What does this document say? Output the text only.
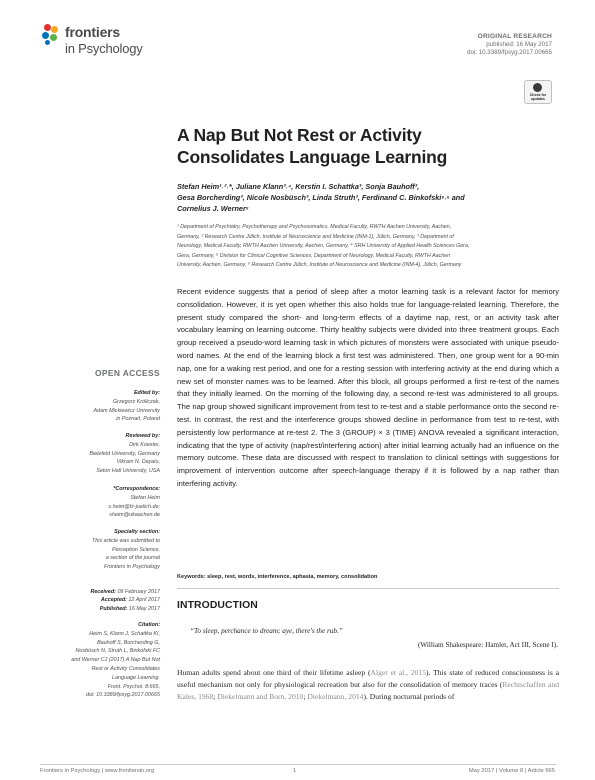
frontiers
in Psychology
ORIGINAL RESEARCH
published: 16 May 2017
doi: 10.3389/fpsyg.2017.00665
Check for updates
A Nap But Not Rest or Activity
Consolidates Language Learning
Stefan Heim¹˒²˒*, Juliane Klann³˒⁴, Kerstin I. Schattka³, Sonja Bauhoff³,
Gesa Borcherding³, Nicole Nosbüsch³, Linda Struth³, Ferdinand C. Binkofski⁵˒⁶ and
Cornelius J. Werner⁵
¹ Department of Psychiatry, Psychotherapy and Psychosomatics, Medical Faculty, RWTH Aachen University, Aachen,
Germany, ² Research Centre Jülich, Institute of Neuroscience and Medicine (INM-1), Jülich, Germany, ³ Department of
Neurology, Medical Faculty, RWTH Aachen University, Aachen, Germany, ⁴ SRH University of Applied Health Sciences Gera,
Gera, Germany, ⁵ Division for Clinical Cognitive Sciences, Department of Neurology, Medical Faculty, RWTH Aachen
University, Aachen, Germany, ⁶ Research Centre Jülich, Institute of Neuroscience and Medicine (INM-4), Jülich, Germany
Recent evidence suggests that a period of sleep after a motor learning task is a relevant factor for memory consolidation. However, it is yet open whether this also holds true for language-related learning. Therefore, the present study compared the short- and long-term effects of a daytime nap, rest, or an activity task after vocabulary learning on learning outcome. Thirty healthy subjects were divided into three treatment groups. Each group received a pseudo-word learning task in which pictures of monsters were associated with unique pseudo-word names. At the end of the learning block a first test was administered. Then, one group went for a 90-min nap, one for a waking rest period, and one for a resting session with interfering activity at the end during which a new set of monster names was to be learned. After this block, all groups performed a first re-test of the names that they initially learned. On the morning of the following day, a second re-test was administered to all groups. The nap group showed significant improvement from test to re-test and a stable performance onto the second re-test. In contrast, the rest and the interference groups showed decline in performance from test to re-test, with persistently low performance at re-test 2. The 3 (GROUP) × 3 (TIME) ANOVA revealed a significant interaction, indicating that the type of activity (nap/rest/interfering action) after initial learning actually had an influence on the memory outcome. These data are discussed with respect to translation to clinical settings with suggestions for improvement of intervention outcome after speech-language therapy if it is followed by a nap rather than interfering activity.
Keywords: sleep, rest, words, interference, aphasia, memory, consolidation
OPEN ACCESS
Edited by:
Grzegorz Króliczak,
Adam Mickiewicz University
in Poznań, Poland
Reviewed by:
Dirk Koester,
Bielefeld University, Germany
Vikram N. Dayalu,
Seton Hall University, USA
*Correspondence:
Stefan Heim
s.heim@fz-juelich.de;
sheim@ukaachen.de
Specialty section:
This article was submitted to
Perception Science,
a section of the journal
Frontiers in Psychology
Received: 09 February 2017
Accepted: 12 April 2017
Published: 16 May 2017
Citation:
Heim S, Klann J, Schattka KI,
Bauhoff S, Borcherding G,
Nosbüsch N, Struth L, Binkofski FC
and Werner CJ (2017) A Nap But Not
Rest or Activity Consolidates
Language Learning.
Front. Psychol. 8:665.
doi: 10.3389/fpsyg.2017.00665
INTRODUCTION
“To sleep, perchance to dream; aye, there's the rub.”
(William Shakespeare: Hamlet, Act III, Scene I).
Human adults spend about one third of their lifetime asleep (Alger et al., 2015). This state of reduced consciousness is a useful mechanism not only for physiological recreation but also for the consolidation of memory traces (Rechtschaffen and Kales, 1968; Diekelmann and Born, 2010; Diekelmann, 2014). During nocturnal periods of
Frontiers in Psychology | www.frontiersin.org	1	May 2017 | Volume 8 | Article 665
